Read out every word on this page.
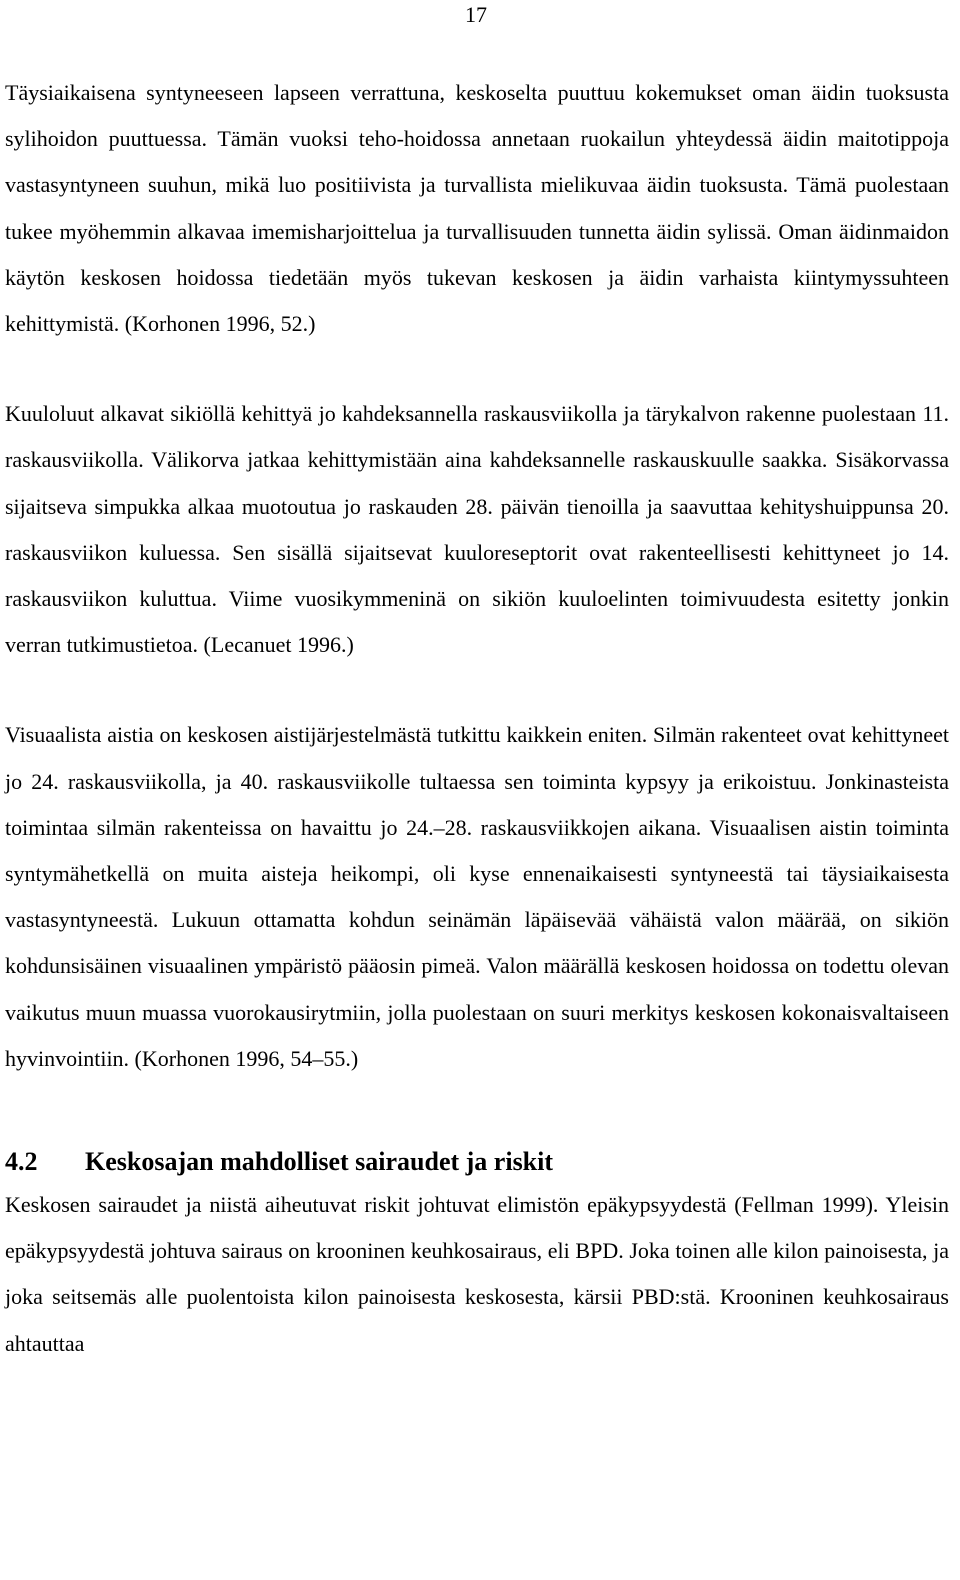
17

Täysiaikaisena syntyneeseen lapseen verrattuna, keskoselta puuttuu kokemukset oman äidin tuoksusta sylihoidon puuttuessa. Tämän vuoksi teho-hoidossa annetaan ruokailun yhteydessä äidin maitotippoja vastasyntyneen suuhun, mikä luo positiivista ja turvallista mielikuvaa äidin tuoksusta. Tämä puolestaan tukee myöhemmin alkavaa imemisharjoittelua ja turvallisuuden tunnetta äidin sylissä. Oman äidinmaidon käytön keskosen hoidossa tiedetään myös tukevan keskosen ja äidin varhaista kiintymyssuhteen kehittymistä. (Korhonen 1996, 52.)

Kuuloluut alkavat sikiöllä kehittyä jo kahdeksannella raskausviikolla ja tärykalvon rakenne puolestaan 11. raskausviikolla. Välikorva jatkaa kehittymistään aina kahdeksannelle raskauskuulle saakka. Sisäkorvassa sijaitseva simpukka alkaa muotoutua jo raskauden 28. päivän tienoilla ja saavuttaa kehityshuippunsa 20. raskausviikon kuluessa. Sen sisällä sijaitsevat kuuloreseptorit ovat rakenteellisesti kehittyneet jo 14. raskausviikon kuluttua. Viime vuosikymmeninä on sikiön kuuloelinten toimivuudesta esitetty jonkin verran tutkimustietoa. (Lecanuet 1996.)

Visuaalista aistia on keskosen aistijärjestelmästä tutkittu kaikkein eniten. Silmän rakenteet ovat kehittyneet jo 24. raskausviikolla, ja 40. raskausviikolle tultaessa sen toiminta kypsyy ja erikoistuu. Jonkinasteista toimintaa silmän rakenteissa on havaittu jo 24.–28. raskausviikkojen aikana. Visuaalisen aistin toiminta syntymähetkellä on muita aisteja heikompi, oli kyse ennenaikaisesti syntyneestä tai täysiaikaisesta vastasyntyneestä. Lukuun ottamatta kohdun seinämän läpäisevää vähäistä valon määrää, on sikiön kohdunsisäinen visuaalinen ympäristö pääosin pimeä. Valon määrällä keskosen hoidossa on todettu olevan vaikutus muun muassa vuorokausirytmiin, jolla puolestaan on suuri merkitys keskosen kokonaisvaltaiseen hyvinvointiin. (Korhonen 1996, 54–55.)

4.2 Keskosajan mahdolliset sairaudet ja riskit

Keskosen sairaudet ja niistä aiheutuvat riskit johtuvat elimistön epäkypsyydestä (Fellman 1999). Yleisin epäkypsyydestä johtuva sairaus on krooninen keuhkosairaus, eli BPD. Joka toinen alle kilon painoisesta, ja joka seitsemäs alle puolentoista kilon painoisesta keskosesta, kärsii PBD:stä. Krooninen keuhkosairaus ahtauttaa
